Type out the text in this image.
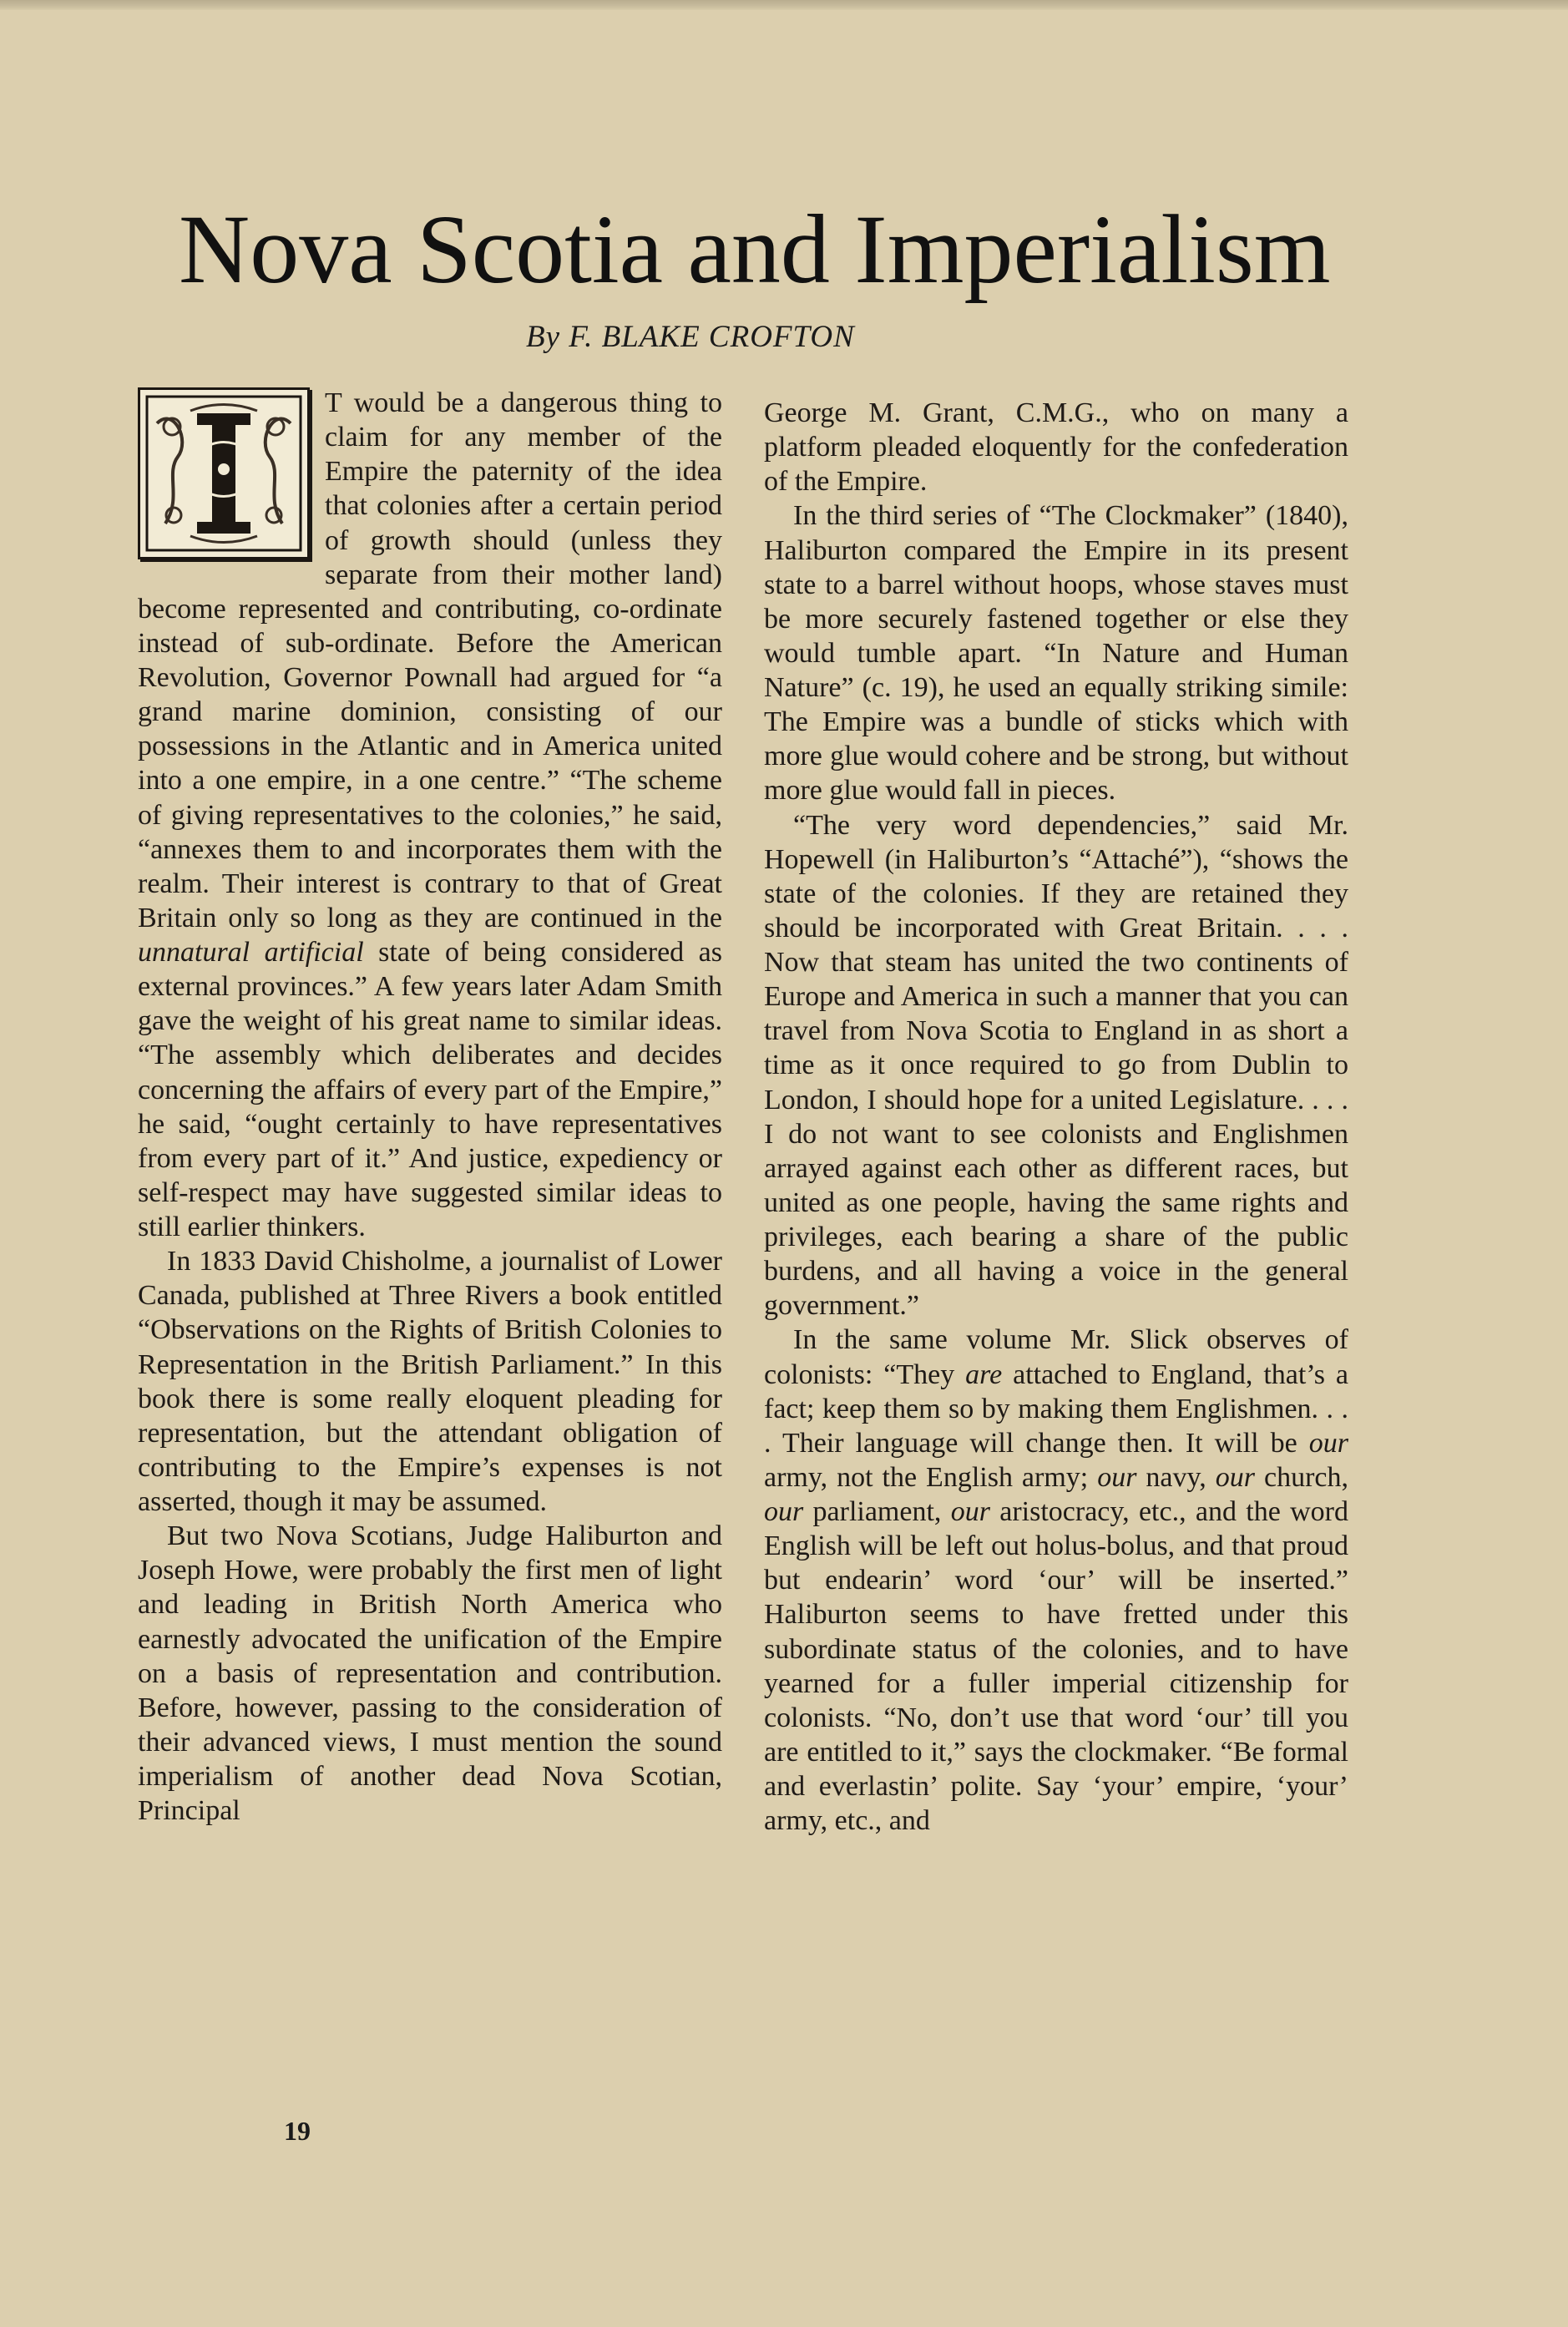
Nova Scotia and Imperialism
By F. BLAKE CROFTON

T would be a dangerous thing to claim for any member of the Empire the paternity of the idea that colonies after a certain period of growth should (unless they separate from their mother land) become represented and contributing, co-ordinate instead of sub-ordinate. Before the American Revolution, Governor Pownall had argued for “a grand marine dominion, consisting of our possessions in the Atlantic and in America united into a one empire, in a one centre.” “The scheme of giving representatives to the colonies,” he said, “annexes them to and incorporates them with the realm. Their interest is contrary to that of Great Britain only so long as they are continued in the unnatural artificial state of being considered as external provinces.” A few years later Adam Smith gave the weight of his great name to similar ideas. “The assembly which deliberates and decides concerning the affairs of every part of the Empire,” he said, “ought certainly to have representatives from every part of it.” And justice, expediency or self-respect may have suggested similar ideas to still earlier thinkers.

In 1833 David Chisholme, a journalist of Lower Canada, published at Three Rivers a book entitled “Observations on the Rights of British Colonies to Representation in the British Parliament.” In this book there is some really eloquent pleading for representation, but the attendant obligation of contributing to the Empire’s expenses is not asserted, though it may be assumed.

But two Nova Scotians, Judge Haliburton and Joseph Howe, were probably the first men of light and leading in British North America who earnestly advocated the unification of the Empire on a basis of representation and contribution. Before, however, passing to the consideration of their advanced views, I must mention the sound imperialism of another dead Nova Scotian, Principal

George M. Grant, C.M.G., who on many a platform pleaded eloquently for the confederation of the Empire.

In the third series of “The Clockmaker” (1840), Haliburton compared the Empire in its present state to a barrel without hoops, whose staves must be more securely fastened together or else they would tumble apart. “In Nature and Human Nature” (c. 19), he used an equally striking simile: The Empire was a bundle of sticks which with more glue would cohere and be strong, but without more glue would fall in pieces.

“The very word dependencies,” said Mr. Hopewell (in Haliburton’s “Attaché”), “shows the state of the colonies. If they are retained they should be incorporated with Great Britain. . . . Now that steam has united the two continents of Europe and America in such a manner that you can travel from Nova Scotia to England in as short a time as it once required to go from Dublin to London, I should hope for a united Legislature. . . . I do not want to see colonists and Englishmen arrayed against each other as different races, but united as one people, having the same rights and privileges, each bearing a share of the public burdens, and all having a voice in the general government.”

In the same volume Mr. Slick observes of colonists: “They are attached to England, that’s a fact; keep them so by making them Englishmen. . . . Their language will change then. It will be our army, not the English army; our navy, our church, our parliament, our aristocracy, etc., and the word English will be left out holus-bolus, and that proud but endearin’ word ‘our’ will be inserted.” Haliburton seems to have fretted under this subordinate status of the colonies, and to have yearned for a fuller imperial citizenship for colonists. “No, don’t use that word ‘our’ till you are entitled to it,” says the clockmaker. “Be formal and everlastin’ polite. Say ‘your’ empire, ‘your’ army, etc., and

19
